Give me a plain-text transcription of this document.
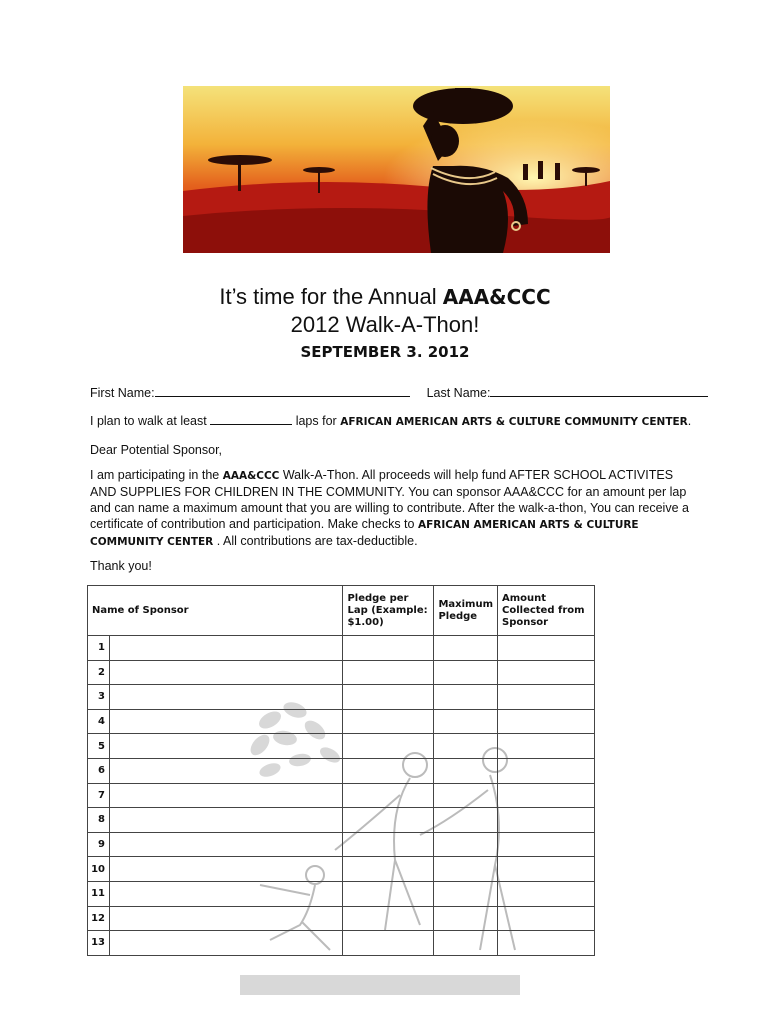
It’s time for the Annual AAA&CCC
2012 Walk-A-Thon!
SEPTEMBER 3. 2012
First Name:	Last Name:
I plan to walk at least	laps for AFRICAN AMERICAN ARTS & CULTURE COMMUNITY CENTER.
Dear Potential Sponsor,
I am participating in the AAA&CCC Walk-A-Thon. All proceeds will help fund AFTER SCHOOL ACTIVITES AND SUPPLIES FOR CHILDREN IN THE COMMUNITY. You can sponsor AAA&CCC for an amount per lap and can name a maximum amount that you are willing to contribute. After the walk-a-thon, You can receive a certificate of contribution and participation. Make checks to AFRICAN AMERICAN ARTS & CULTURE COMMUNITY CENTER . All contributions are tax-deductible.
Thank you!
Name of Sponsor		Pledge per Lap (Example: $1.00)	Maximum Pledge	Amount Collected from Sponsor
1				
2				
3				
4				
5				
6				
7				
8				
9				
10				
11				
12				
13				
